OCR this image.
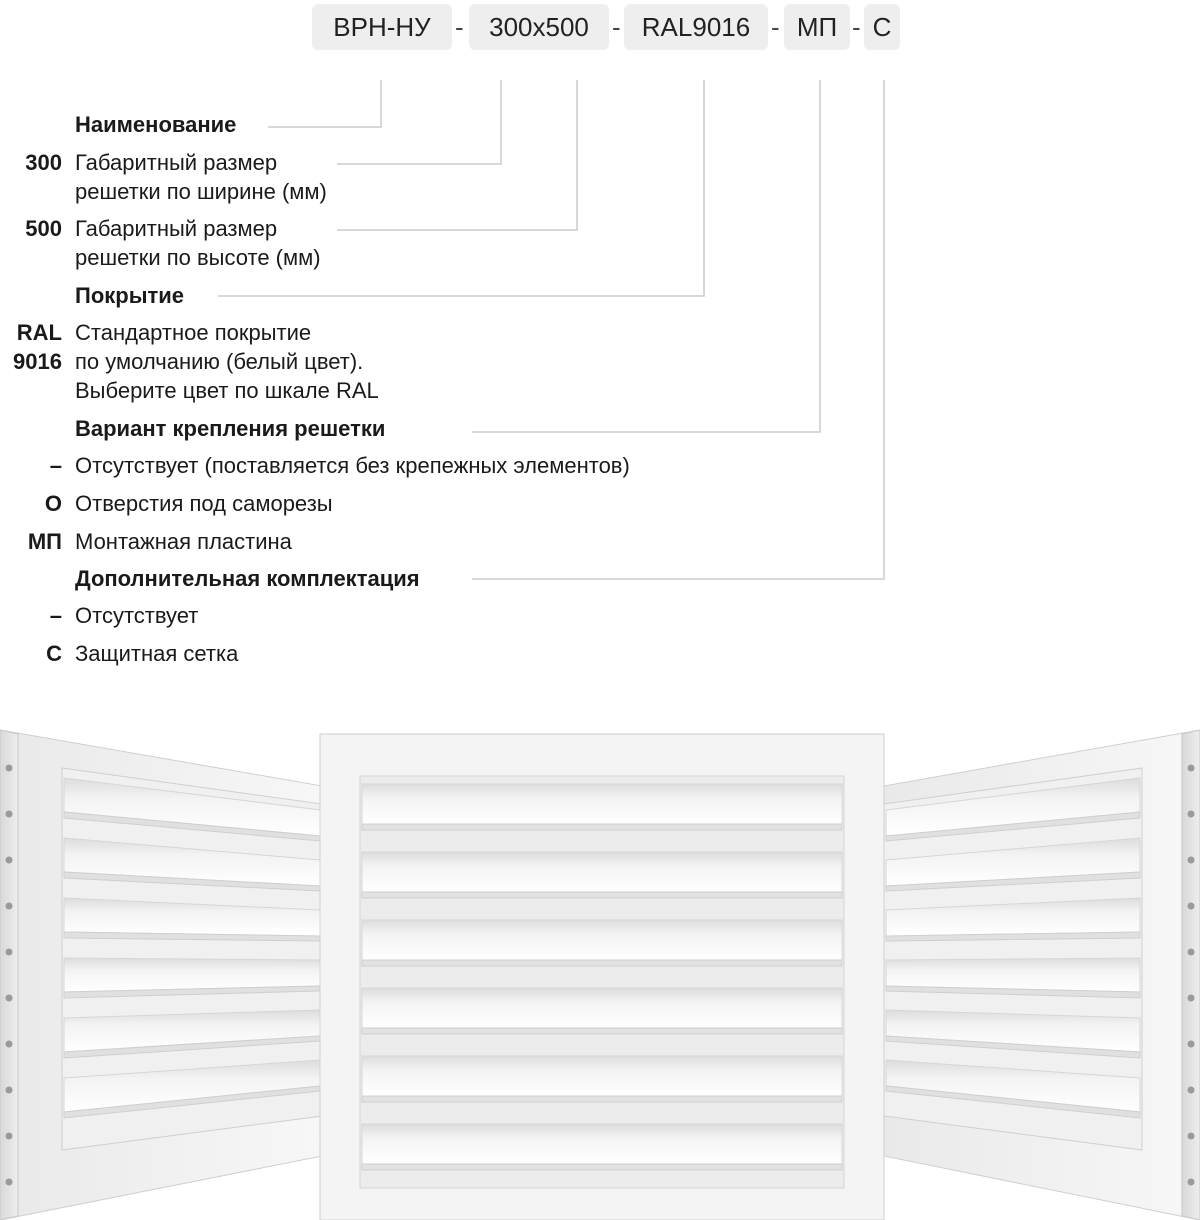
ВРН-НУ - 300x500 - RAL9016 - МП - С
Наименование
300 Габаритный размер
решетки по ширине (мм)
500 Габаритный размер
решетки по высоте (мм)
Покрытие
RAL Стандартное покрытие
9016 по умолчанию (белый цвет).
Выберите цвет по шкале RAL
Вариант крепления решетки
– Отсутствует (поставляется без крепежных элементов)
О Отверстия под саморезы
МП Монтажная пластина
Дополнительная комплектация
– Отсутствует
С Защитная сетка
